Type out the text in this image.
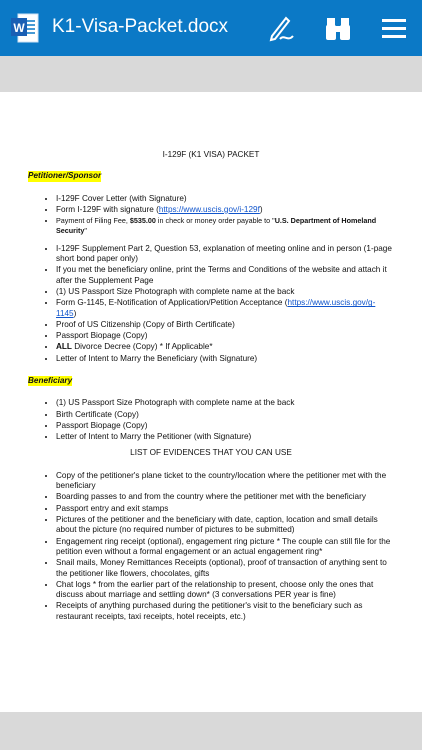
W K1-Visa-Packet.docx
I-129F (K1 VISA) PACKET
Petitioner/Sponsor
• I-129F Cover Letter (with Signature)
• Form I-129F with signature (https://www.uscis.gov/i-129f)
• Payment of Filing Fee, $535.00 in check or money order payable to "U.S. Department of Homeland Security"
• I-129F Supplement Part 2, Question 53, explanation of meeting online and in person (1-page short bond paper only)
• If you met the beneficiary online, print the Terms and Conditions of the website and attach it after the Supplement Page
• (1) US Passport Size Photograph with complete name at the back
• Form G-1145, E-Notification of Application/Petition Acceptance (https://www.uscis.gov/g-1145)
• Proof of US Citizenship (Copy of Birth Certificate)
• Passport Biopage (Copy)
• ALL Divorce Decree (Copy) * If Applicable*
• Letter of Intent to Marry the Beneficiary (with Signature)
Beneficiary
• (1) US Passport Size Photograph with complete name at the back
• Birth Certificate (Copy)
• Passport Biopage (Copy)
• Letter of Intent to Marry the Petitioner (with Signature)
LIST OF EVIDENCES THAT YOU CAN USE
• Copy of the petitioner's plane ticket to the country/location where the petitioner met with the beneficiary
• Boarding passes to and from the country where the petitioner met with the beneficiary
• Passport entry and exit stamps
• Pictures of the petitioner and the beneficiary with date, caption, location and small details about the picture (no required number of pictures to be submitted)
• Engagement ring receipt (optional), engagement ring picture * The couple can still file for the petition even without a formal engagement or an actual engagement ring*
• Snail mails, Money Remittances Receipts (optional), proof of transaction of anything sent to the petitioner like flowers, chocolates, gifts
• Chat logs * from the earlier part of the relationship to present, choose only the ones that discuss about marriage and settling down* (3 conversations PER year is fine)
• Receipts of anything purchased during the petitioner's visit to the beneficiary such as restaurant receipts, taxi receipts, hotel receipts, etc.)
